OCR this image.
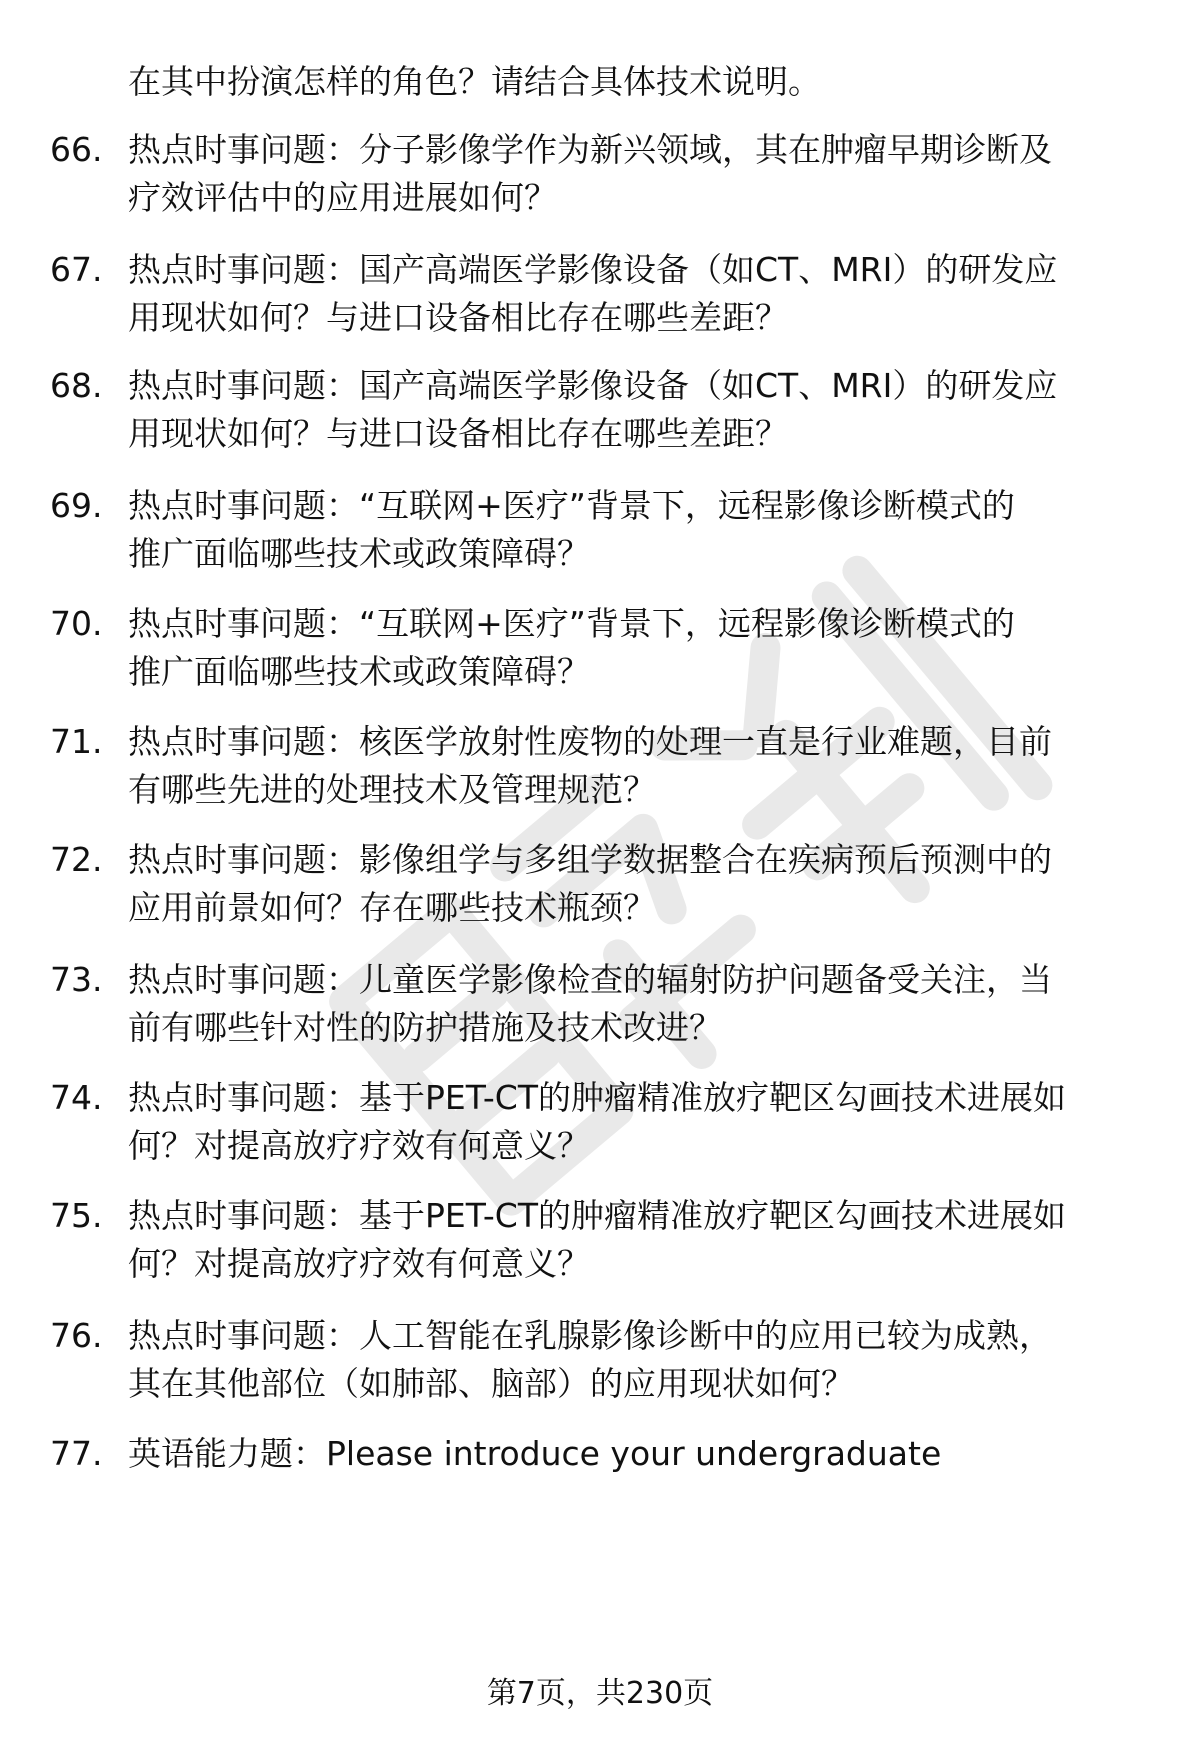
在其中扮演怎样的角色？请结合具体技术说明。
66. 热点时事问题：分子影像学作为新兴领域，其在肿瘤早期诊断及
疗效评估中的应用进展如何？
67. 热点时事问题：国产高端医学影像设备（如CT、MRI）的研发应
用现状如何？与进口设备相比存在哪些差距？
68. 热点时事问题：国产高端医学影像设备（如CT、MRI）的研发应
用现状如何？与进口设备相比存在哪些差距？
69. 热点时事问题：“互联网+医疗”背景下，远程影像诊断模式的
推广面临哪些技术或政策障碍？
70. 热点时事问题：“互联网+医疗”背景下，远程影像诊断模式的
推广面临哪些技术或政策障碍？
71. 热点时事问题：核医学放射性废物的处理一直是行业难题，目前
有哪些先进的处理技术及管理规范？
72. 热点时事问题：影像组学与多组学数据整合在疾病预后预测中的
应用前景如何？存在哪些技术瓶颈？
73. 热点时事问题：儿童医学影像检查的辐射防护问题备受关注，当
前有哪些针对性的防护措施及技术改进？
74. 热点时事问题：基于PET-CT的肿瘤精准放疗靶区勾画技术进展如
何？对提高放疗疗效有何意义？
75. 热点时事问题：基于PET-CT的肿瘤精准放疗靶区勾画技术进展如
何？对提高放疗疗效有何意义？
76. 热点时事问题：人工智能在乳腺影像诊断中的应用已较为成熟，
其在其他部位（如肺部、脑部）的应用现状如何？
77. 英语能力题：Please introduce your undergraduate
第7页，共230页
